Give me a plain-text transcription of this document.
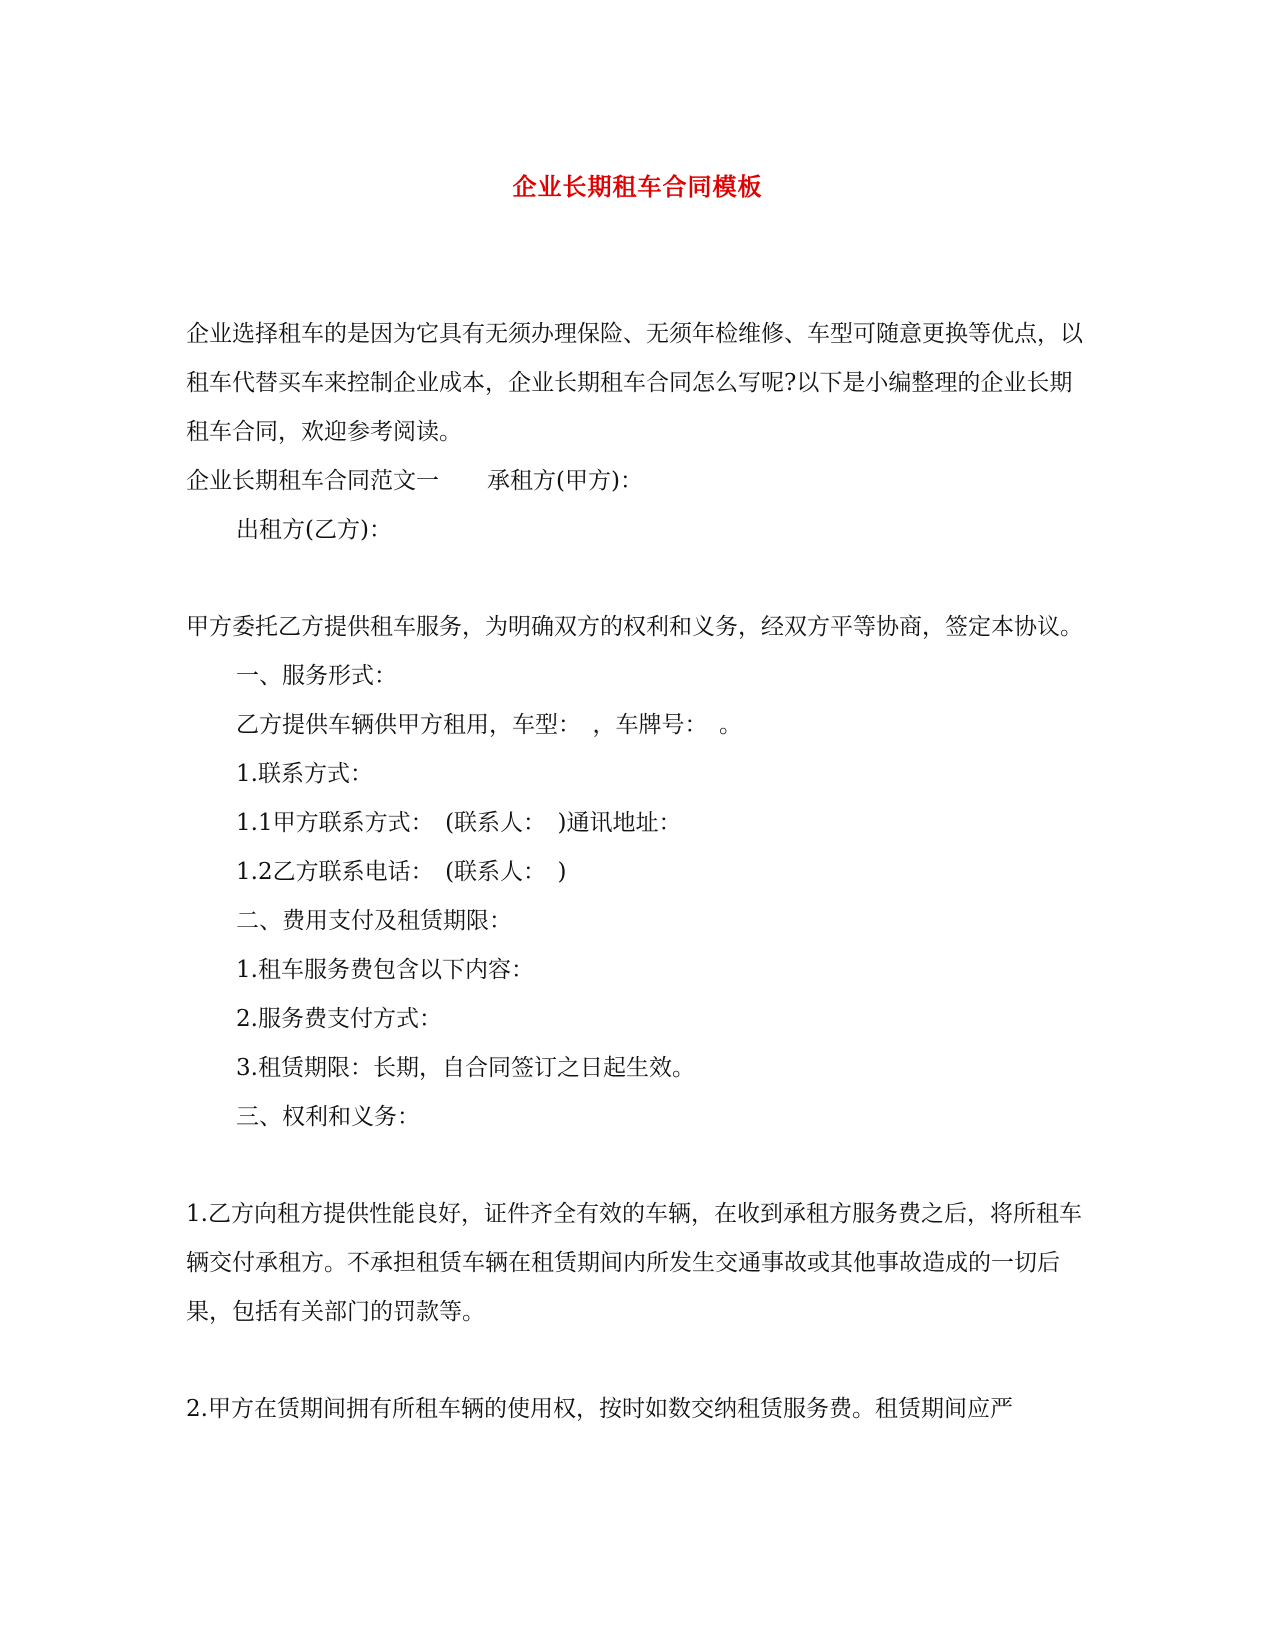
企业长期租车合同模板

企业选择租车的是因为它具有无须办理保险、无须年检维修、车型可随意更换等优点，以租车代替买车来控制企业成本，企业长期租车合同怎么写呢?以下是小编整理的企业长期租车合同，欢迎参考阅读。

企业长期租车合同范文一 承租方(甲方)：

出租方(乙方)：

甲方委托乙方提供租车服务，为明确双方的权利和义务，经双方平等协商，签定本协议。

一、服务形式：

乙方提供车辆供甲方租用，车型：　，车牌号：　。

1.联系方式：

1.1甲方联系方式：　(联系人：　)通讯地址：

1.2乙方联系电话：　(联系人：　)

二、费用支付及租赁期限：

1.租车服务费包含以下内容：

2.服务费支付方式：

3.租赁期限：长期，自合同签订之日起生效。

三、权利和义务：

1.乙方向租方提供性能良好，证件齐全有效的车辆，在收到承租方服务费之后，将所租车辆交付承租方。不承担租赁车辆在租赁期间内所发生交通事故或其他事故造成的一切后果，包括有关部门的罚款等。

2.甲方在赁期间拥有所租车辆的使用权，按时如数交纳租赁服务费。租赁期间应严
